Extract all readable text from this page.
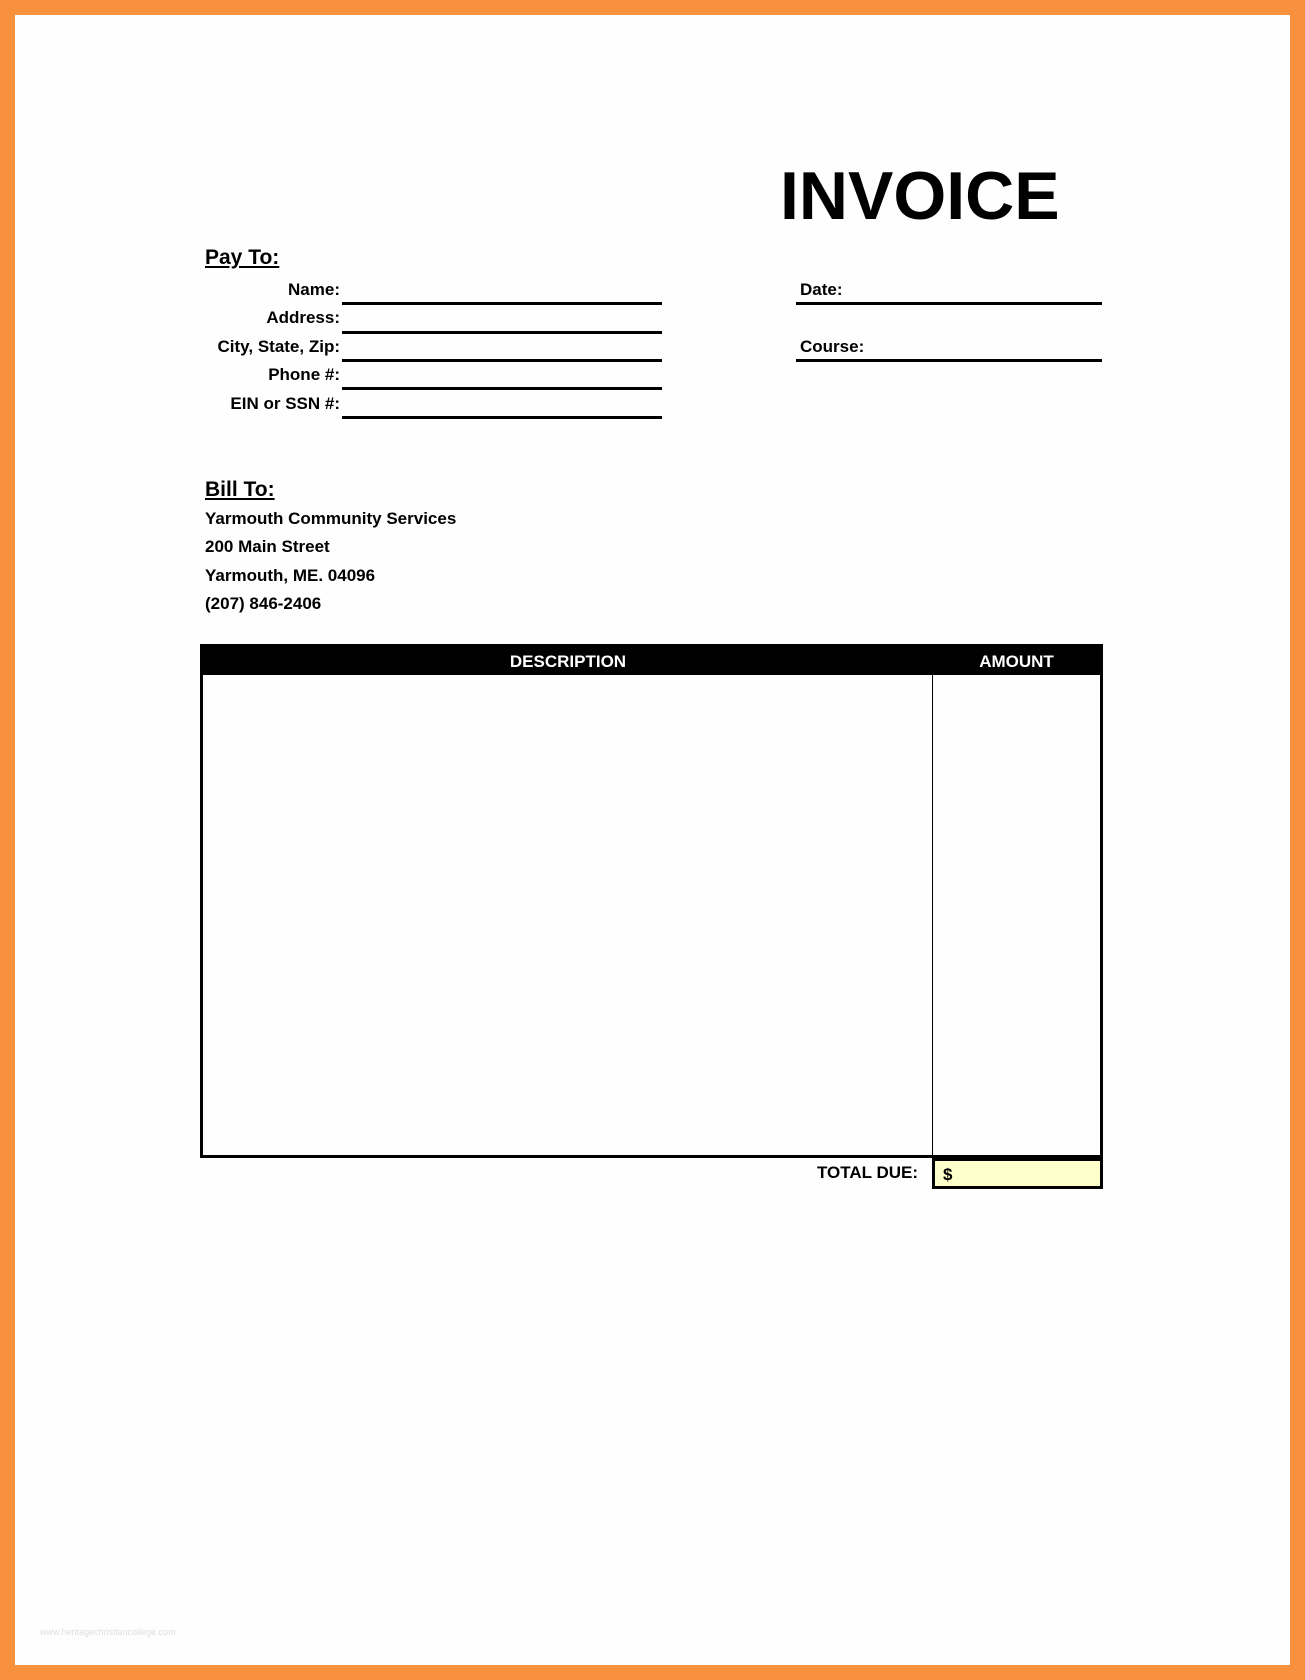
INVOICE
Pay To:
Name:
Address:
City, State, Zip:
Phone #:
EIN or SSN #:
Date:
Course:
Bill To:
Yarmouth Community Services
200 Main Street
Yarmouth, ME. 04096
(207) 846-2406
DESCRIPTION	AMOUNT
TOTAL DUE:	$
www.heritagechristiancollege.com
